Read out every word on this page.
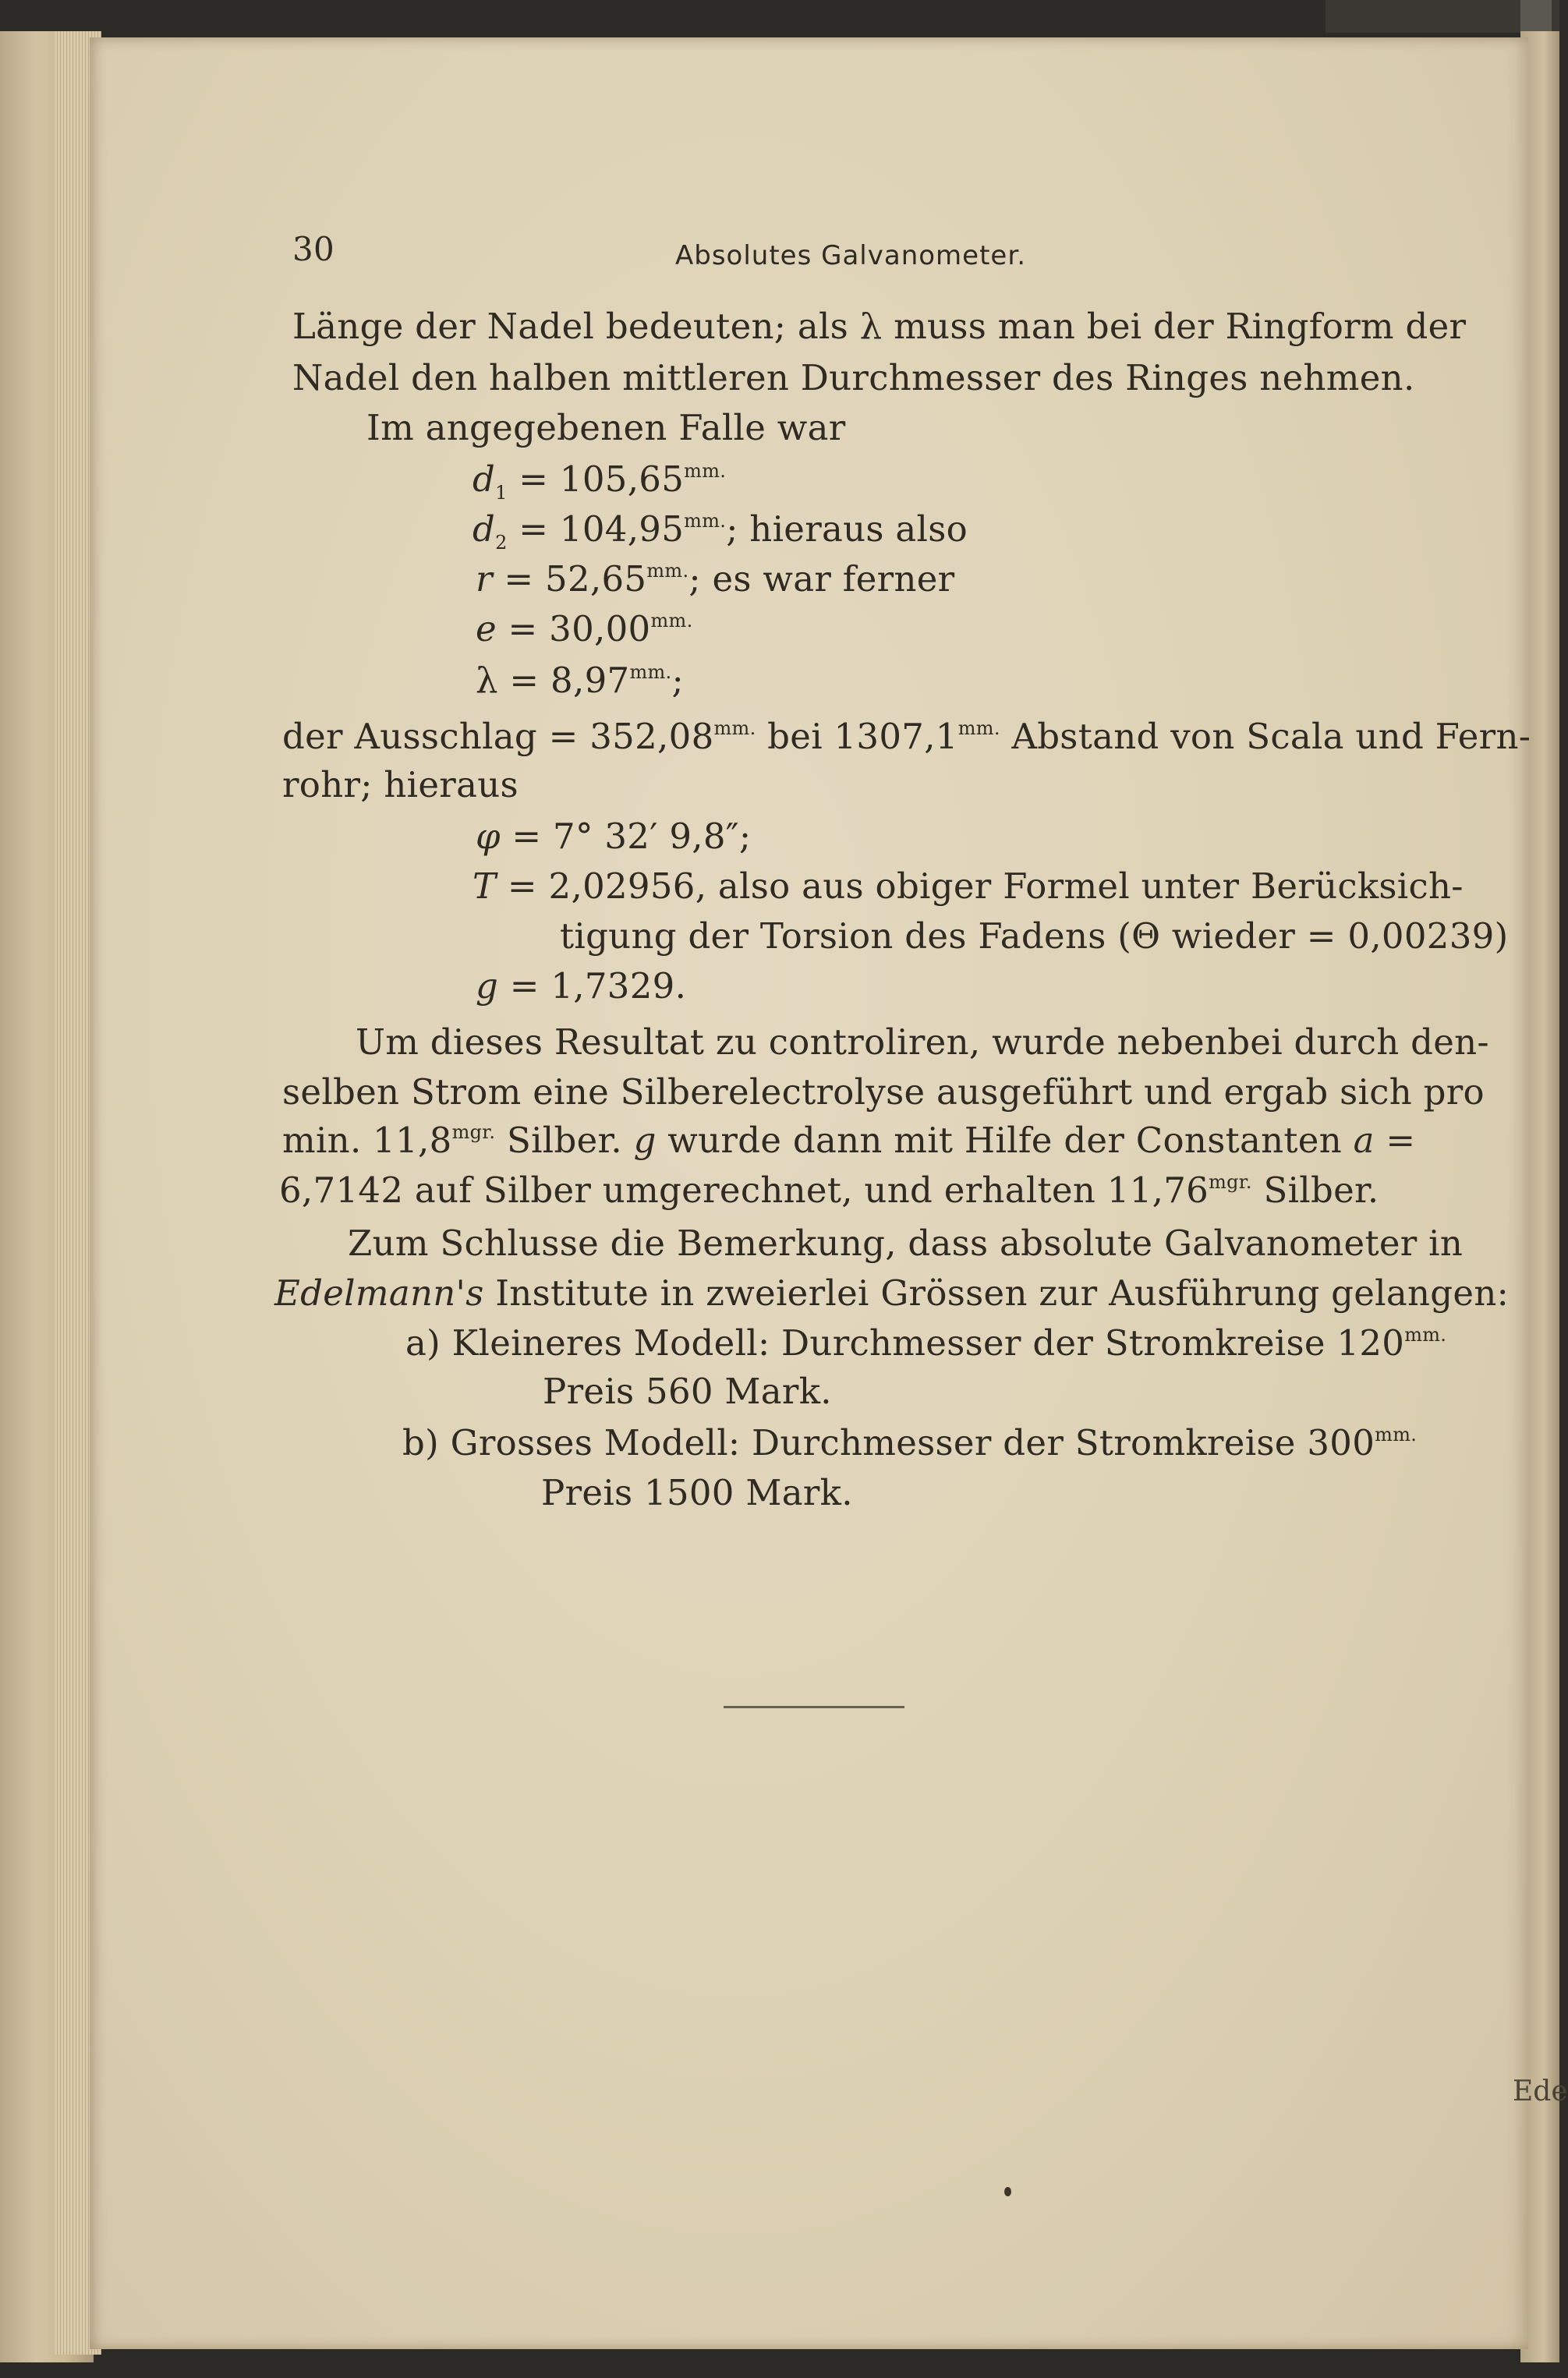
Ede
30	Absolutes Galvanometer.
Länge der Nadel bedeuten; als λ muss man bei der Ringform der
Nadel den halben mittleren Durchmesser des Ringes nehmen.
Im angegebenen Falle war
$d_1 = 105,65^{mm.}$
$d_2 = 104,95^{mm.}$; hieraus also
$r = 52,65^{mm.}$; es war ferner
$e = 30,00^{mm.}$
$\lambda = 8,97^{mm.}$;
der Ausschlag = $352,08^{mm.}$ bei $1307,1^{mm.}$ Abstand von Scala und Fern-
rohr; hieraus
φ = 7° 32′ 9,8″;
T = 2,02956, also aus obiger Formel unter Berücksich-
tigung der Torsion des Fadens (Θ wieder = 0,00239)
g = 1,7329.
Um dieses Resultat zu controliren, wurde nebenbei durch den-
selben Strom eine Silberelectrolyse ausgeführt und ergab sich pro
min. $11,8^{mgr.}$ Silber. g wurde dann mit Hilfe der Constanten a =
6,7142 auf Silber umgerechnet, und erhalten $11,76^{mgr.}$ Silber.
Zum Schlusse die Bemerkung, dass absolute Galvanometer in
Edelmann's Institute in zweierlei Grössen zur Ausführung gelangen:
a) Kleineres Modell: Durchmesser der Stromkreise $120^{mm.}$
Preis 560 Mark.
b) Grosses Modell: Durchmesser der Stromkreise $300^{mm.}$
Preis 1500 Mark.
